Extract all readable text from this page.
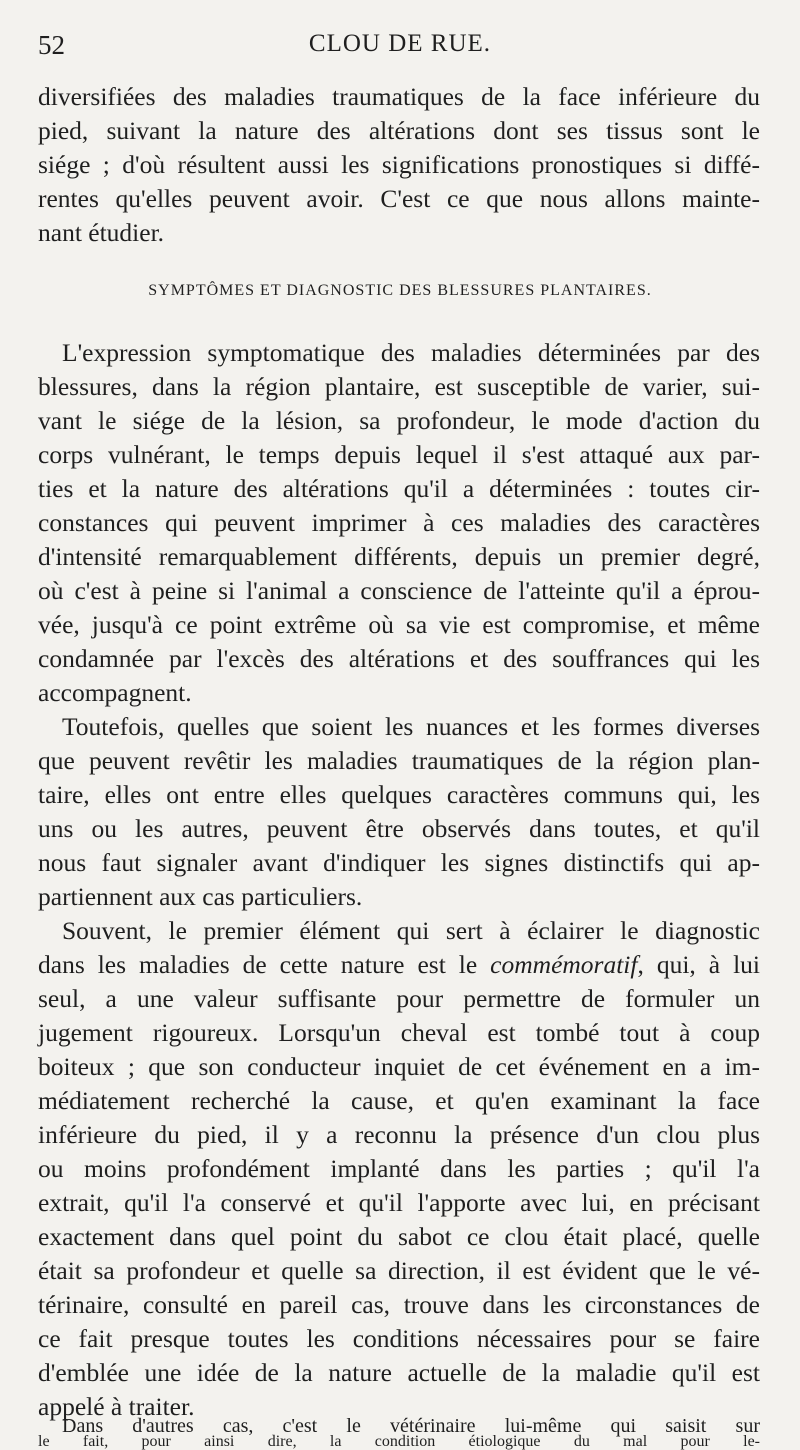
52	CLOU DE RUE.
diversifiées des maladies traumatiques de la face inférieure du
pied, suivant la nature des altérations dont ses tissus sont le
siége ; d'où résultent aussi les significations pronostiques si diffé-
rentes qu'elles peuvent avoir. C'est ce que nous allons mainte-
nant étudier.
SYMPTÔMES ET DIAGNOSTIC DES BLESSURES PLANTAIRES.
L'expression symptomatique des maladies déterminées par des
blessures, dans la région plantaire, est susceptible de varier, sui-
vant le siége de la lésion, sa profondeur, le mode d'action du
corps vulnérant, le temps depuis lequel il s'est attaqué aux par-
ties et la nature des altérations qu'il a déterminées : toutes cir-
constances qui peuvent imprimer à ces maladies des caractères
d'intensité remarquablement différents, depuis un premier degré,
où c'est à peine si l'animal a conscience de l'atteinte qu'il a éprou-
vée, jusqu'à ce point extrême où sa vie est compromise, et même
condamnée par l'excès des altérations et des souffrances qui les
accompagnent.
Toutefois, quelles que soient les nuances et les formes diverses
que peuvent revêtir les maladies traumatiques de la région plan-
taire, elles ont entre elles quelques caractères communs qui, les
uns ou les autres, peuvent être observés dans toutes, et qu'il
nous faut signaler avant d'indiquer les signes distinctifs qui ap-
partiennent aux cas particuliers.
Souvent, le premier élément qui sert à éclairer le diagnostic
dans les maladies de cette nature est le commémoratif, qui, à lui
seul, a une valeur suffisante pour permettre de formuler un
jugement rigoureux. Lorsqu'un cheval est tombé tout à coup
boiteux ; que son conducteur inquiet de cet événement en a im-
médiatement recherché la cause, et qu'en examinant la face
inférieure du pied, il y a reconnu la présence d'un clou plus
ou moins profondément implanté dans les parties ; qu'il l'a
extrait, qu'il l'a conservé et qu'il l'apporte avec lui, en précisant
exactement dans quel point du sabot ce clou était placé, quelle
était sa profondeur et quelle sa direction, il est évident que le vé-
térinaire, consulté en pareil cas, trouve dans les circonstances de
ce fait presque toutes les conditions nécessaires pour se faire
d'emblée une idée de la nature actuelle de la maladie qu'il est
appelé à traiter.
Dans d'autres cas, c'est le vétérinaire lui-même qui saisit sur
le fait, pour ainsi dire, la condition étiologique du mal pour le-
